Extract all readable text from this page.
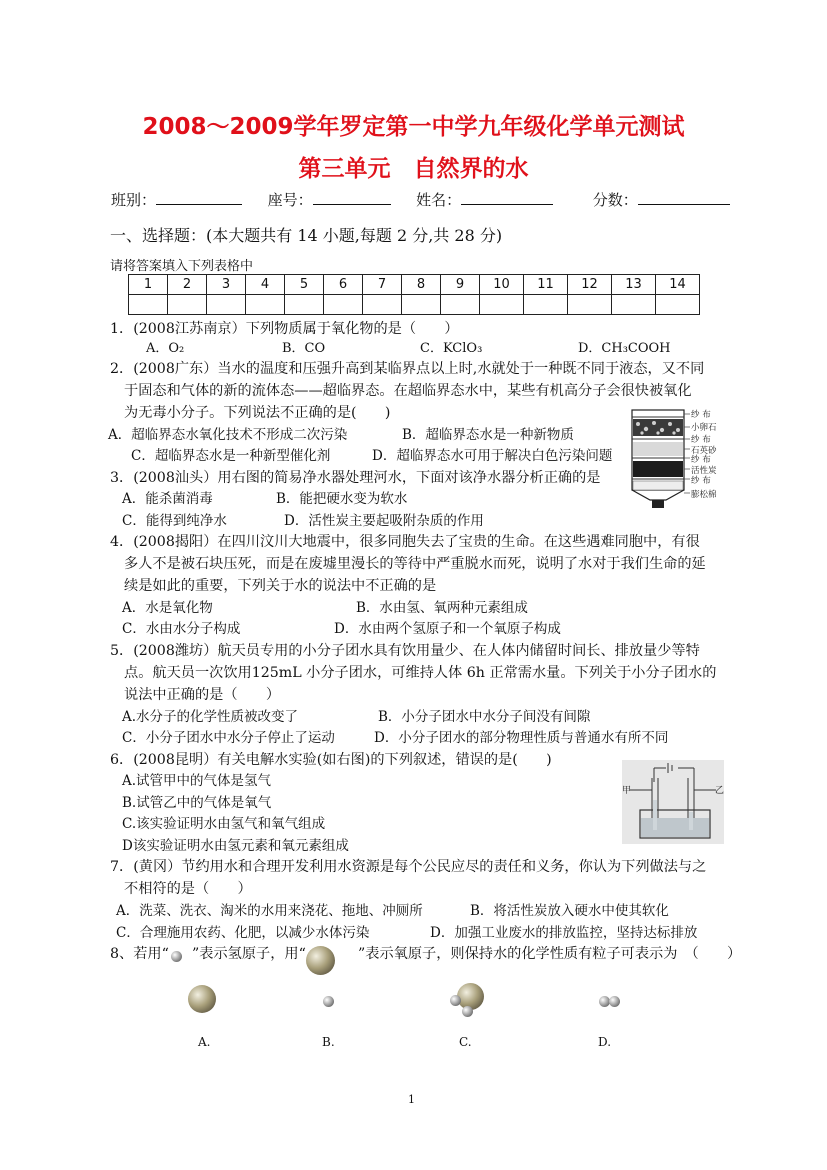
2008～2009学年罗定第一中学九年级化学单元测试
第三单元　自然界的水
班别：	座号：	姓名：	分数：
一、选择题：(本大题共有 14 小题,每题 2 分,共 28 分)
请将答案填入下列表格中
1	2	3	4	5	6	7	8	9	10	11	12	13	14

1．(2008江苏南京）下列物质属于氧化物的是（　　）
A．O₂	B．CO	C．KClO₃	D．CH₃COOH
2．(2008广东）当水的温度和压强升高到某临界点以上时,水就处于一种既不同于液态，又不同
于固态和气体的新的流体态——超临界态。在超临界态水中，某些有机高分子会很快被氧化
为无毒小分子。下列说法不正确的是(　　)
A．超临界态水氧化技术不形成二次污染	B．超临界态水是一种新物质
C．超临界态水是一种新型催化剂	D．超临界态水可用于解决白色污染问题
纱 布
小卵石
纱 布
石英砂
纱 布
活性炭
纱 布
膨松棉
3．(2008汕头）用右图的简易净水器处理河水，下面对该净水器分析正确的是
A．能杀菌消毒	B．能把硬水变为软水
C．能得到纯净水	D．活性炭主要起吸附杂质的作用
4．(2008揭阳）在四川汶川大地震中，很多同胞失去了宝贵的生命。在这些遇难同胞中，有很
多人不是被石块压死，而是在废墟里漫长的等待中严重脱水而死，说明了水对于我们生命的延
续是如此的重要，下列关于水的说法中不正确的是
A．水是氧化物	B．水由氢、氧两种元素组成
C．水由水分子构成	D．水由两个氢原子和一个氧原子构成
5．(2008潍坊）航天员专用的小分子团水具有饮用量少、在人体内储留时间长、排放量少等特
点。航天员一次饮用125mL 小分子团水，可维持人体 6h 正常需水量。下列关于小分子团水的
说法中正确的是（　　）
A.水分子的化学性质被改变了	B．小分子团水中水分子间没有间隙
C．小分子团水中水分子停止了运动	D．小分子团水的部分物理性质与普通水有所不同
甲	乙
6．(2008昆明）有关电解水实验(如右图)的下列叙述，错误的是(　　)
A.试管甲中的气体是氢气
B.试管乙中的气体是氧气
C.该实验证明水由氢气和氧气组成
D该实验证明水由氢元素和氧元素组成
7．(黄冈）节约用水和合理开发利用水资源是每个公民应尽的责任和义务，你认为下列做法与之
不相符的是（　　）
A．洗菜、洗衣、淘米的水用来浇花、拖地、冲厕所	B．将活性炭放入硬水中使其软化
C．合理施用农药、化肥，以减少水体污染	D．加强工业废水的排放监控，坚持达标排放
8、若用“ ”表示氢原子，用“	”表示氧原子，则保持水的化学性质有粒子可表示为　（　　）
A.	B.	C.	D.
1
